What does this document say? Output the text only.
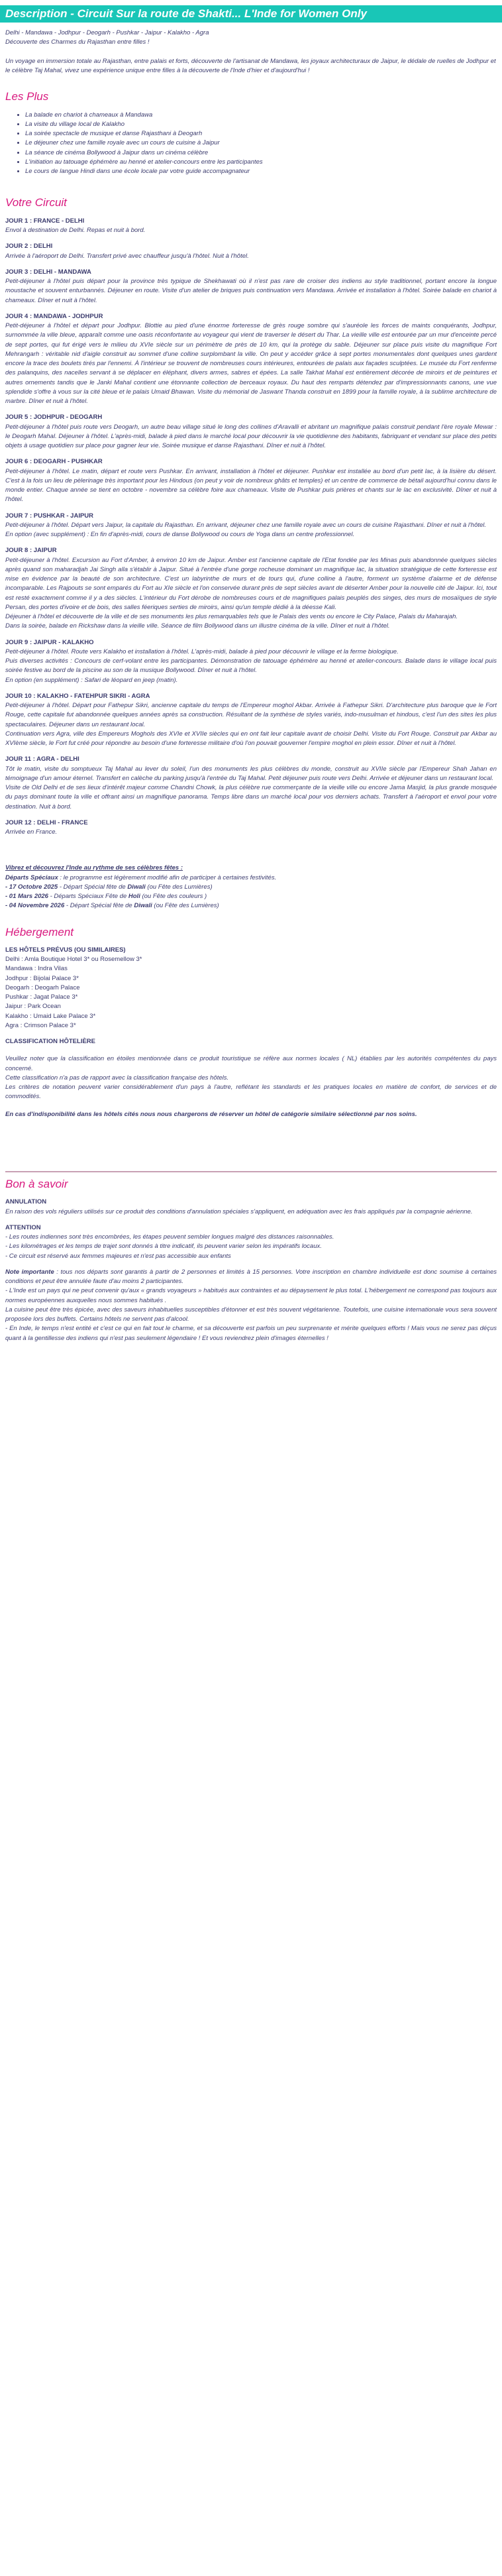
Description - Circuit Sur la route de Shakti... L'Inde for Women Only

Delhi - Mandawa - Jodhpur - Deogarh - Pushkar - Jaipur - Kalakho - Agra

Découverte des Charmes du Rajasthan entre filles !

Un voyage en immersion totale au Rajasthan, entre palais et forts, découverte de l'artisanat de Mandawa, les joyaux architecturaux de Jaipur, le dédale de ruelles de Jodhpur et le célèbre Taj Mahal, vivez une expérience unique entre filles à la découverte de l'Inde d'hier et d'aujourd'hui !

Les Plus
• La balade en chariot à chameaux à Mandawa
• La visite du village local de Kalakho
• La soirée spectacle de musique et danse Rajasthani à Deogarh
• Le déjeuner chez une famille royale avec un cours de cuisine à Jaipur
• La séance de cinéma Bollywood à Jaipur dans un cinéma célèbre
• L'initiation au tatouage éphémère au henné et atelier-concours entre les participantes
• Le cours de langue Hindi dans une école locale par votre guide accompagnateur
Votre Circuit

JOUR 1 : FRANCE - DELHI

Envol à destination de Delhi. Repas et nuit à bord.

JOUR 2 : DELHI

Arrivée à l'aéroport de Delhi. Transfert privé avec chauffeur jusqu'à l'hôtel. Nuit à l'hôtel.

JOUR 3 : DELHI - MANDAWA

Petit-déjeuner à l'hôtel puis départ pour la province très typique de Shekhawati où il n'est pas rare de croiser des indiens au style traditionnel, portant encore la longue moustache et souvent enturbannés. Déjeuner en route. Visite d'un atelier de briques puis continuation vers Mandawa. Arrivée et installation à l'hôtel. Soirée balade en chariot à chameaux. Dîner et nuit à l'hôtel.

JOUR 4 : MANDAWA - JODHPUR

Petit-déjeuner à l'hôtel et départ pour Jodhpur. Blottie au pied d'une énorme forteresse de grès rouge sombre qui s'auréole les forces de maints conquérants, Jodhpur, surnommée la ville bleue, apparaît comme une oasis réconfortante au voyageur qui vient de traverser le désert du Thar. La vieille ville est entourée par un mur d'enceinte percé de sept portes, qui fut érigé vers le milieu du XVIe siècle sur un périmètre de près de 10 km, qui la protège du sable. Déjeuner sur place puis visite du magnifique Fort Mehrangarh : véritable nid d'aigle construit au sommet d'une colline surplombant la ville. On peut y accéder grâce à sept portes monumentales dont quelques unes gardent encore la trace des boulets tirés par l'ennemi. À l'intérieur se trouvent de nombreuses cours intérieures, entourées de palais aux façades sculptées. Le musée du Fort renferme des palanquins, des nacelles servant à se déplacer en éléphant, divers armes, sabres et épées. La salle Takhat Mahal est entièrement décorée de miroirs et de peintures et autres ornements tandis que le Janki Mahal contient une étonnante collection de berceaux royaux. Du haut des remparts détendez par d'impressionnants canons, une vue splendide s'offre à vous sur la cité bleue et le palais Umaid Bhawan. Visite du mémorial de Jaswant Thanda construit en 1899 pour la famille royale, à la sublime architecture de marbre. Dîner et nuit à l'hôtel.

JOUR 5 : JODHPUR - DEOGARH

Petit-déjeuner à l'hôtel puis route vers Deogarh, un autre beau village situé le long des collines d'Aravalli et abritant un magnifique palais construit pendant l'ère royale Mewar : le Deogarh Mahal. Déjeuner à l'hôtel. L'après-midi, balade à pied dans le marché local pour découvrir la vie quotidienne des habitants, fabriquant et vendant sur place des petits objets à usage quotidien sur place pour gagner leur vie. Soirée musique et danse Rajasthani. Dîner et nuit à l'hôtel.

JOUR 6 : DEOGARH - PUSHKAR

Petit-déjeuner à l'hôtel. Le matin, départ et route vers Pushkar. En arrivant, installation à l'hôtel et déjeuner. Pushkar est installée au bord d'un petit lac, à la lisière du désert. C'est à la fois un lieu de pèlerinage très important pour les Hindous (on peut y voir de nombreux ghâts et temples) et un centre de commerce de bétail aujourd'hui connu dans le monde entier. Chaque année se tient en octobre - novembre sa célèbre foire aux chameaux. Visite de Pushkar puis prières et chants sur le lac en exclusivité. Dîner et nuit à l'hôtel.

JOUR 7 : PUSHKAR - JAIPUR

Petit-déjeuner à l'hôtel. Départ vers Jaipur, la capitale du Rajasthan. En arrivant, déjeuner chez une famille royale avec un cours de cuisine Rajasthani. Dîner et nuit à l'hôtel.

En option (avec supplément) : En fin d'après-midi, cours de danse Bollywood ou cours de Yoga dans un centre professionnel.

JOUR 8 : JAIPUR

Petit-déjeuner à l'hôtel. Excursion au Fort d'Amber, à environ 10 km de Jaipur. Amber est l'ancienne capitale de l'Etat fondée par les Minas puis abandonnée quelques siècles après quand son maharadjah Jai Singh alla s'établir à Jaipur. Situé à l'entrée d'une gorge rocheuse dominant un magnifique lac, la situation stratégique de cette forteresse est mise en évidence par la beauté de son architecture. C'est un labyrinthe de murs et de tours qui, d'une colline à l'autre, forment un système d'alarme et de défense incomparable. Les Rajpouts se sont emparés du Fort au XIe siècle et l'on conservée durant près de sept siècles avant de déserter Amber pour la nouvelle cité de Jaipur. Ici, tout est resté exactement comme il y a des siècles. L'intérieur du Fort dérobe de nombreuses cours et de magnifiques palais peuplés des singes, des murs de mosaïques de style Persan, des portes d'ivoire et de bois, des salles féeriques serties de miroirs, ainsi qu'un temple dédié à la déesse Kali.

Déjeuner à l'hôtel et découverte de la ville et de ses monuments les plus remarquables tels que le Palais des vents ou encore le City Palace, Palais du Maharajah.

Dans la soirée, balade en Rickshaw dans la vieille ville. Séance de film Bollywood dans un illustre cinéma de la ville. Dîner et nuit à l'hôtel.

JOUR 9 : JAIPUR - KALAKHO

Petit-déjeuner à l'hôtel. Route vers Kalakho et installation à l'hôtel. L'après-midi, balade à pied pour découvrir le village et la ferme biologique.

Puis diverses activités : Concours de cerf-volant entre les participantes. Démonstration de tatouage éphémère au henné et atelier-concours. Balade dans le village local puis soirée festive au bord de la piscine au son de la musique Bollywood. Dîner et nuit à l'hôtel.

En option (en supplément) : Safari de léopard en jeep (matin).

JOUR 10 : KALAKHO - FATEHPUR SIKRI - AGRA

Petit-déjeuner à l'hôtel. Départ pour Fathepur Sikri, ancienne capitale du temps de l'Empereur moghol Akbar. Arrivée à Fathepur Sikri. D'architecture plus baroque que le Fort Rouge, cette capitale fut abandonnée quelques années après sa construction. Résultant de la synthèse de styles variés, indo-musulman et hindous, c'est l'un des sites les plus spectaculaires. Déjeuner dans un restaurant local.

Continuation vers Agra, ville des Empereurs Moghols des XVIe et XVIIe siècles qui en ont fait leur capitale avant de choisir Delhi. Visite du Fort Rouge. Construit par Akbar au XVIème siècle, le Fort fut créé pour répondre au besoin d'une forteresse militaire d'où l'on pouvait gouverner l'empire moghol en plein essor. Dîner et nuit à l'hôtel.

JOUR 11 : AGRA - DELHI

Tôt le matin, visite du somptueux Taj Mahal au lever du soleil, l'un des monuments les plus célèbres du monde, construit au XVIIe siècle par l'Empereur Shah Jahan en témoignage d'un amour éternel. Transfert en calèche du parking jusqu'à l'entrée du Taj Mahal. Petit déjeuner puis route vers Delhi. Arrivée et déjeuner dans un restaurant local.

Visite de Old Delhi et de ses lieux d'intérêt majeur comme Chandni Chowk, la plus célèbre rue commerçante de la vieille ville ou encore Jama Masjid, la plus grande mosquée du pays dominant toute la ville et offrant ainsi un magnifique panorama. Temps libre dans un marché local pour vos derniers achats. Transfert à l'aéroport et envol pour votre destination. Nuit à bord.

JOUR 12 : DELHI - FRANCE

Arrivée en France.

Vibrez et découvrez l'Inde au rythme de ses célèbres fêtes :

Départs Spéciaux : le programme est légèrement modifié afin de participer à certaines festivités.

- 17 Octobre 2025 - Départ Spécial fête de Diwali (ou Fête des Lumières)

- 01 Mars 2026 - Départs Spéciaux Fête de Holi (ou Fête des couleurs )

- 04 Novembre 2026 - Départ Spécial fête de Diwali (ou Fête des Lumières)

Hébergement

LES HÔTELS PRÉVUS (OU SIMILAIRES)

Delhi : Amla Boutique Hotel 3* ou Rosemellow 3*

Mandawa : Indra Vilas

Jodhpur : Bijolai Palace 3*

Deogarh : Deogarh Palace

Pushkar : Jagat Palace 3*

Jaipur : Park Ocean

Kalakho : Umaid Lake Palace 3*

Agra : Crimson Palace 3*

CLASSIFICATION HÔTELIÈRE

Veuillez noter que la classification en étoiles mentionnée dans ce produit touristique se réfère aux normes locales ( NL) établies par les autorités compétentes du pays concerné.

Cette classification n'a pas de rapport avec la classification française des hôtels.

Les critères de notation peuvent varier considérablement d'un pays à l'autre, reflétant les standards et les pratiques locales en matière de confort, de services et de commodités.

En cas d'indisponibilité dans les hôtels cités nous nous chargerons de réserver un hôtel de catégorie similaire sélectionné par nos soins.

Bon à savoir

ANNULATION

En raison des vols réguliers utilisés sur ce produit des conditions d'annulation spéciales s'appliquent, en adéquation avec les frais appliqués par la compagnie aérienne.

ATTENTION

- Les routes indiennes sont très encombrées, les étapes peuvent sembler longues malgré des distances raisonnables.

- Les kilométrages et les temps de trajet sont donnés à titre indicatif, ils peuvent varier selon les impératifs locaux.

- Ce circuit est réservé aux femmes majeures et n'est pas accessible aux enfants

Note importante : tous nos départs sont garantis à partir de 2 personnes et limités à 15 personnes. Votre inscription en chambre individuelle est donc soumise à certaines conditions et peut être annulée faute d'au moins 2 participantes.

- L'Inde est un pays qui ne peut convenir qu'aux « grands voyageurs » habitués aux contraintes et au dépaysement le plus total. L'hébergement ne correspond pas toujours aux normes européennes auxquelles nous sommes habitués .

La cuisine peut être très épicée, avec des saveurs inhabituelles susceptibles d'étonner et est très souvent végétarienne. Toutefois, une cuisine internationale vous sera souvent proposée lors des buffets. Certains hôtels ne servent pas d'alcool.

- En Inde, le temps n'est entité et c'est ce qui en fait tout le charme, et sa découverte est parfois un peu surprenante et mérite quelques efforts ! Mais vous ne serez pas déçus quant à la gentillesse des indiens qui n'est pas seulement légendaire ! Et vous reviendrez plein d'images éternelles !
